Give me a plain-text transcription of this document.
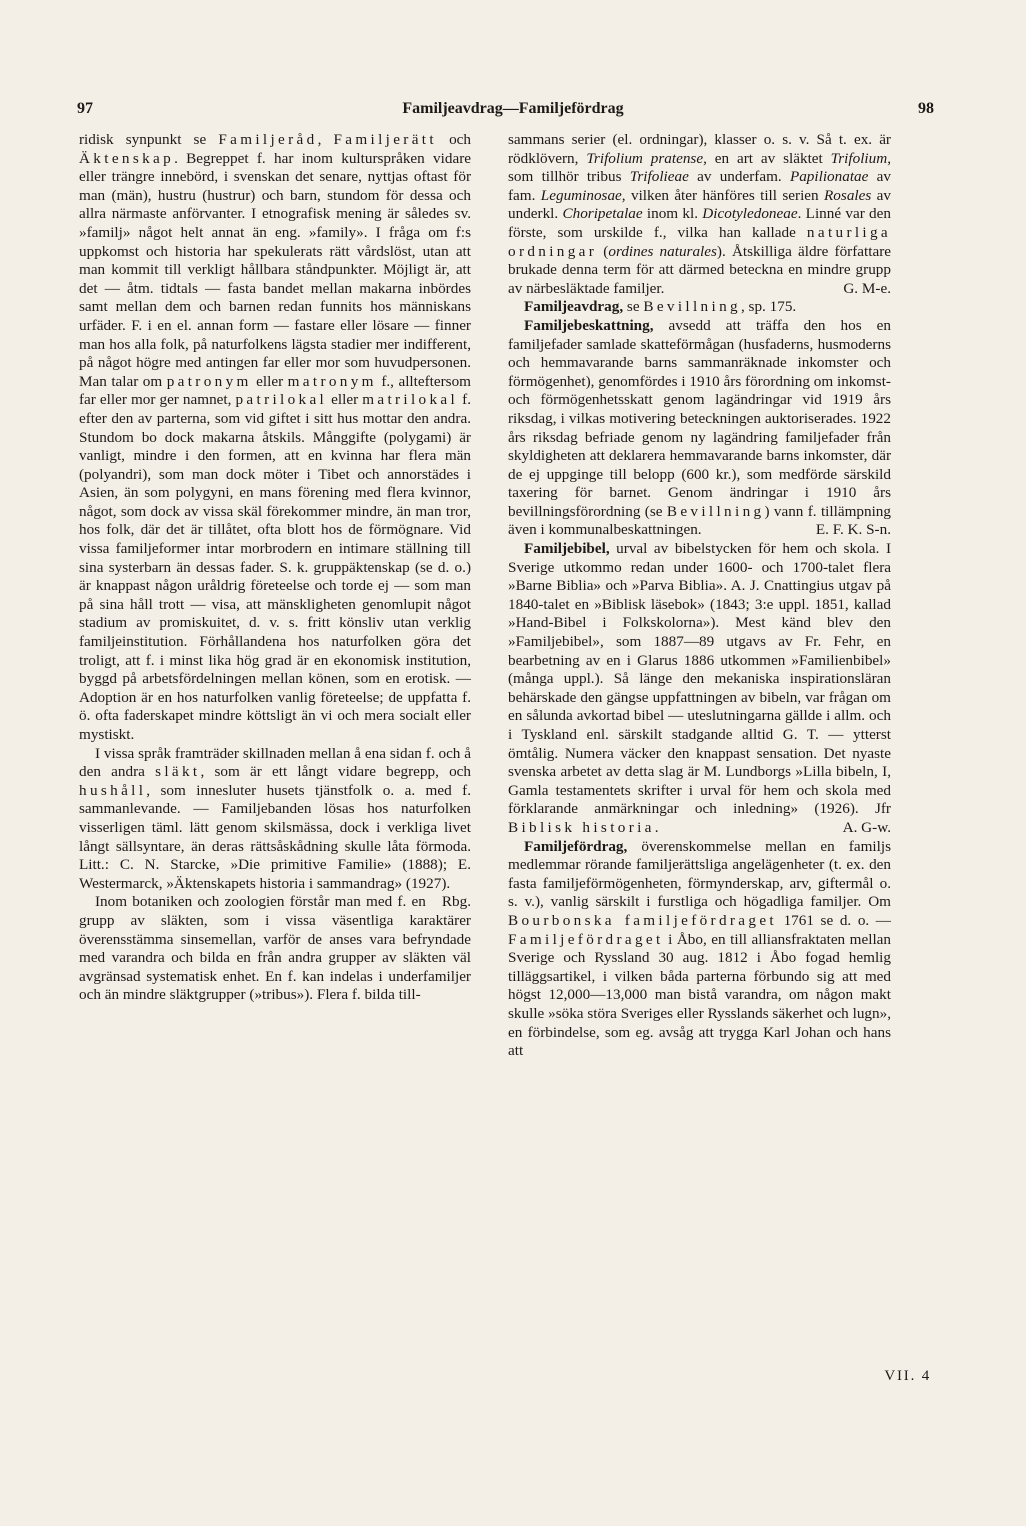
97	Familjeavdrag—Familjefördrag	98

ridisk synpunkt se Familjeråd, Familjerätt och Äktenskap. Begreppet f. har inom kulturspråken vidare eller trängre innebörd, i svenskan det senare, nyttjas oftast för man (män), hustru (hustrur) och barn, stundom för dessa och allra närmaste anförvanter. I etnografisk mening är således sv. »familj» något helt annat än eng. »family». I fråga om f:s uppkomst och historia har spekulerats rätt vårdslöst, utan att man kommit till verkligt hållbara ståndpunkter. Möjligt är, att det — åtm. tidtals — fasta bandet mellan makarna inbördes samt mellan dem och barnen redan funnits hos människans urfäder. F. i en el. annan form — fastare eller lösare — finner man hos alla folk, på naturfolkens lägsta stadier mer indifferent, på något högre med antingen far eller mor som huvudpersonen. Man talar om patronym eller matronym f., allteftersom far eller mor ger namnet, patrilokal eller matrilokal f. efter den av parterna, som vid giftet i sitt hus mottar den andra. Stundom bo dock makarna åtskils. Månggifte (polygami) är vanligt, mindre i den formen, att en kvinna har flera män (polyandri), som man dock möter i Tibet och annorstädes i Asien, än som polygyni, en mans förening med flera kvinnor, något, som dock av vissa skäl förekommer mindre, än man tror, hos folk, där det är tillåtet, ofta blott hos de förmögnare. Vid vissa familjeformer intar morbrodern en intimare ställning till sina systerbarn än dessas fader. S. k. gruppäktenskap (se d. o.) är knappast någon uråldrig företeelse och torde ej — som man på sina håll trott — visa, att mänskligheten genomlupit något stadium av promiskuitet, d. v. s. fritt könsliv utan verklig familjeinstitution. Förhållandena hos naturfolken göra det troligt, att f. i minst lika hög grad är en ekonomisk institution, byggd på arbetsfördelningen mellan könen, som en erotisk. — Adoption är en hos naturfolken vanlig företeelse; de uppfatta f. ö. ofta faderskapet mindre köttsligt än vi och mera socialt eller mystiskt.

I vissa språk framträder skillnaden mellan å ena sidan f. och å den andra släkt, som är ett långt vidare begrepp, och hushåll, som innesluter husets tjänstfolk o. a. med f. sammanlevande. — Familjebanden lösas hos naturfolken visserligen täml. lätt genom skilsmässa, dock i verkliga livet långt sällsyntare, än deras rättsåskådning skulle låta förmoda. Litt.: C. N. Starcke, »Die primitive Familie» (1888); E. Westermarck, »Äktenskapets historia i sammandrag» (1927).
Rbg.

Inom botaniken och zoologien förstår man med f. en grupp av släkten, som i vissa väsentliga karaktärer överensstämma sinsemellan, varför de anses vara befryndade med varandra och bilda en från andra grupper av släkten väl avgränsad systematisk enhet. En f. kan indelas i underfamiljer och än mindre släktgrupper (»tribus»). Flera f. bilda till-

sammans serier (el. ordningar), klasser o. s. v. Så t. ex. är rödklövern, Trifolium pratense, en art av släktet Trifolium, som tillhör tribus Trifolieae av underfam. Papilionatae av fam. Leguminosae, vilken åter hänföres till serien Rosales av underkl. Choripetalae inom kl. Dicotyledoneae. Linné var den förste, som urskilde f., vilka han kallade naturliga ordningar (ordines naturales). Åtskilliga äldre författare brukade denna term för att därmed beteckna en mindre grupp av närbesläktade familjer.	G. M-e.

Familjeavdrag, se Bevillning, sp. 175.

Familjebeskattning, avsedd att träffa den hos en familjefader samlade skatteförmågan (husfaderns, husmoderns och hemmavarande barns sammanräknade inkomster och förmögenhet), genomfördes i 1910 års förordning om inkomst- och förmögenhetsskatt genom lagändringar vid 1919 års riksdag, i vilkas motivering beteckningen auktoriserades. 1922 års riksdag befriade genom ny lagändring familjefader från skyldigheten att deklarera hemmavarande barns inkomster, där de ej uppginge till belopp (600 kr.), som medförde särskild taxering för barnet. Genom ändringar i 1910 års bevillningsförordning (se Bevillning) vann f. tillämpning även i kommunalbeskattningen.	E. F. K. S-n.

Familjebibel, urval av bibelstycken för hem och skola. I Sverige utkommo redan under 1600- och 1700-talet flera »Barne Biblia» och »Parva Biblia». A. J. Cnattingius utgav på 1840-talet en »Biblisk läsebok» (1843; 3:e uppl. 1851, kallad »Hand-Bibel i Folkskolorna»). Mest känd blev den »Familjebibel», som 1887—89 utgavs av Fr. Fehr, en bearbetning av en i Glarus 1886 utkommen »Familienbibel» (många uppl.). Så länge den mekaniska inspirationsläran behärskade den gängse uppfattningen av bibeln, var frågan om en sålunda avkortad bibel — uteslutningarna gällde i allm. och i Tyskland enl. särskilt stadgande alltid G. T. — ytterst ömtålig. Numera väcker den knappast sensation. Det nyaste svenska arbetet av detta slag är M. Lundborgs »Lilla bibeln, I, Gamla testamentets skrifter i urval för hem och skola med förklarande anmärkningar och inledning» (1926). Jfr Biblisk historia.	A. G-w.

Familjefördrag, överenskommelse mellan en familjs medlemmar rörande familjerättsliga angelägenheter (t. ex. den fasta familjeförmögenheten, förmynderskap, arv, giftermål o. s. v.), vanlig särskilt i furstliga och högadliga familjer. Om Bourbonska familjefördraget 1761 se d. o. — Familjefördraget i Åbo, en till alliansfraktaten mellan Sverige och Ryssland 30 aug. 1812 i Åbo fogad hemlig tilläggsartikel, i vilken båda parterna förbundo sig att med högst 12,000—13,000 man bistå varandra, om någon makt skulle »söka störa Sveriges eller Rysslands säkerhet och lugn», en förbindelse, som eg. avsåg att trygga Karl Johan och hans att

VII. 4
